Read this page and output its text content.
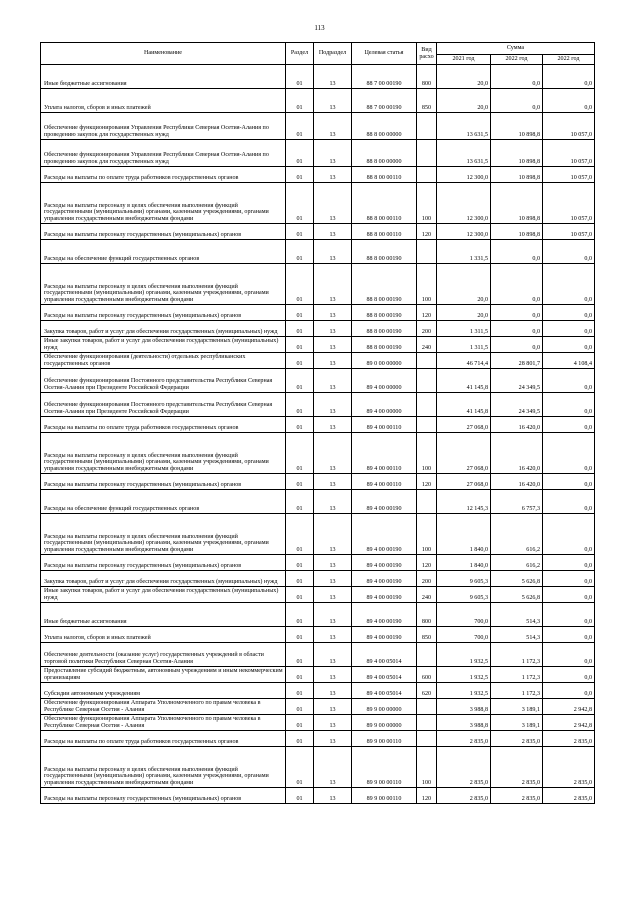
113
Наименование	Раздел	Подраздел	Целевая статья	Вид расхо	Сумма		
					2021 год	2022 год	2022 год
Иные бюджетные ассигнования	01	13	88 7 00 00190	800	20,0	0,0	0,0
Уплата налогов, сборов и иных платежей	01	13	88 7 00 00190	850	20,0	0,0	0,0
Обеспечение функционирования Управления Республики Северная Осетия-Алания по проведению закупок для государственных нужд	01	13	88 8 00 00000		13 631,5	10 898,8	10 057,0
Обеспечение функционирования Управления Республики Северная Осетия-Алания по проведению закупок для государственных нужд	01	13	88 8 00 00000		13 631,5	10 898,8	10 057,0
Расходы на выплаты по оплате труда работников государственных органов	01	13	88 8 00 00110		12 300,0	10 898,8	10 057,0
Расходы на выплаты персоналу в целях обеспечения выполнения функций государственными (муниципальными) органами, казенными учреждениями, органами управления государственными внебюджетными фондами	01	13	88 8 00 00110	100	12 300,0	10 898,8	10 057,0
Расходы на выплаты персоналу государственных (муниципальных) органов	01	13	88 8 00 00110	120	12 300,0	10 898,8	10 057,0
Расходы на обеспечение функций государственных органов	01	13	88 8 00 00190		1 331,5	0,0	0,0
Расходы на выплаты персоналу в целях обеспечения выполнения функций государственными (муниципальными) органами, казенными учреждениями, органами управления государственными внебюджетными фондами	01	13	88 8 00 00190	100	20,0	0,0	0,0
Расходы на выплаты персоналу государственных (муниципальных) органов	01	13	88 8 00 00190	120	20,0	0,0	0,0
Закупка товаров, работ и услуг для обеспечения государственных (муниципальных) нужд	01	13	88 8 00 00190	200	1 311,5	0,0	0,0
Иные закупки товаров, работ и услуг для обеспечения государственных (муниципальных) нужд	01	13	88 8 00 00190	240	1 311,5	0,0	0,0
Обеспечение функционирования (деятельности) отдельных республиканских государственных органов	01	13	89 0 00 00000		46 714,4	28 801,7	4 108,4
Обеспечение функционирования Постоянного представительства Республики Северная Осетия-Алания при Президенте Российской Федерации	01	13	89 4 00 00000		41 145,8	24 349,5	0,0
Обеспечение функционирования Постоянного представительства Республики Северная Осетия-Алания при Президенте Российской Федерации	01	13	89 4 00 00000		41 145,8	24 349,5	0,0
Расходы на выплаты по оплате труда работников государственных органов	01	13	89 4 00 00110		27 068,0	16 420,0	0,0
Расходы на выплаты персоналу в целях обеспечения выполнения функций государственными (муниципальными) органами, казенными учреждениями, органами управления государственными внебюджетными фондами	01	13	89 4 00 00110	100	27 068,0	16 420,0	0,0
Расходы на выплаты персоналу государственных (муниципальных) органов	01	13	89 4 00 00110	120	27 068,0	16 420,0	0,0
Расходы на обеспечение функций государственных органов	01	13	89 4 00 00190		12 145,3	6 757,3	0,0
Расходы на выплаты персоналу в целях обеспечения выполнения функций государственными (муниципальными) органами, казенными учреждениями, органами управления государственными внебюджетными фондами	01	13	89 4 00 00190	100	1 840,0	616,2	0,0
Расходы на выплаты персоналу государственных (муниципальных) органов	01	13	89 4 00 00190	120	1 840,0	616,2	0,0
Закупка товаров, работ и услуг для обеспечения государственных (муниципальных) нужд	01	13	89 4 00 00190	200	9 605,3	5 626,8	0,0
Иные закупки товаров, работ и услуг для обеспечения государственных (муниципальных) нужд	01	13	89 4 00 00190	240	9 605,3	5 626,8	0,0
Иные бюджетные ассигнования	01	13	89 4 00 00190	800	700,0	514,3	0,0
Уплата налогов, сборов и иных платежей	01	13	89 4 00 00190	850	700,0	514,3	0,0
Обеспечение деятельности (оказание услуг) государственных учреждений в области торговой политики Республики Северная Осетия-Алания	01	13	89 4 00 05014		1 932,5	1 172,3	0,0
Предоставление субсидий бюджетным, автономным учреждениям и иным некоммерческим организациям	01	13	89 4 00 05014	600	1 932,5	1 172,3	0,0
Субсидии автономным учреждениям	01	13	89 4 00 05014	620	1 932,5	1 172,3	0,0
Обеспечение функционирования Аппарата Уполномоченного по правам человека в Республике Северная Осетия - Алания	01	13	89 9 00 00000		3 988,8	3 189,1	2 942,8
Обеспечение функционирования Аппарата Уполномоченного по правам человека в Республике Северная Осетия - Алания	01	13	89 9 00 00000		3 988,8	3 189,1	2 942,8
Расходы на выплаты по оплате труда работников государственных органов	01	13	89 9 00 00110		2 835,0	2 835,0	2 835,0
Расходы на выплаты персоналу в целях обеспечения выполнения функций государственными (муниципальными) органами, казенными учреждениями, органами управления государственными внебюджетными фондами	01	13	89 9 00 00110	100	2 835,0	2 835,0	2 835,0
Расходы на выплаты персоналу государственных (муниципальных) органов	01	13	89 9 00 00110	120	2 835,0	2 835,0	2 835,0
